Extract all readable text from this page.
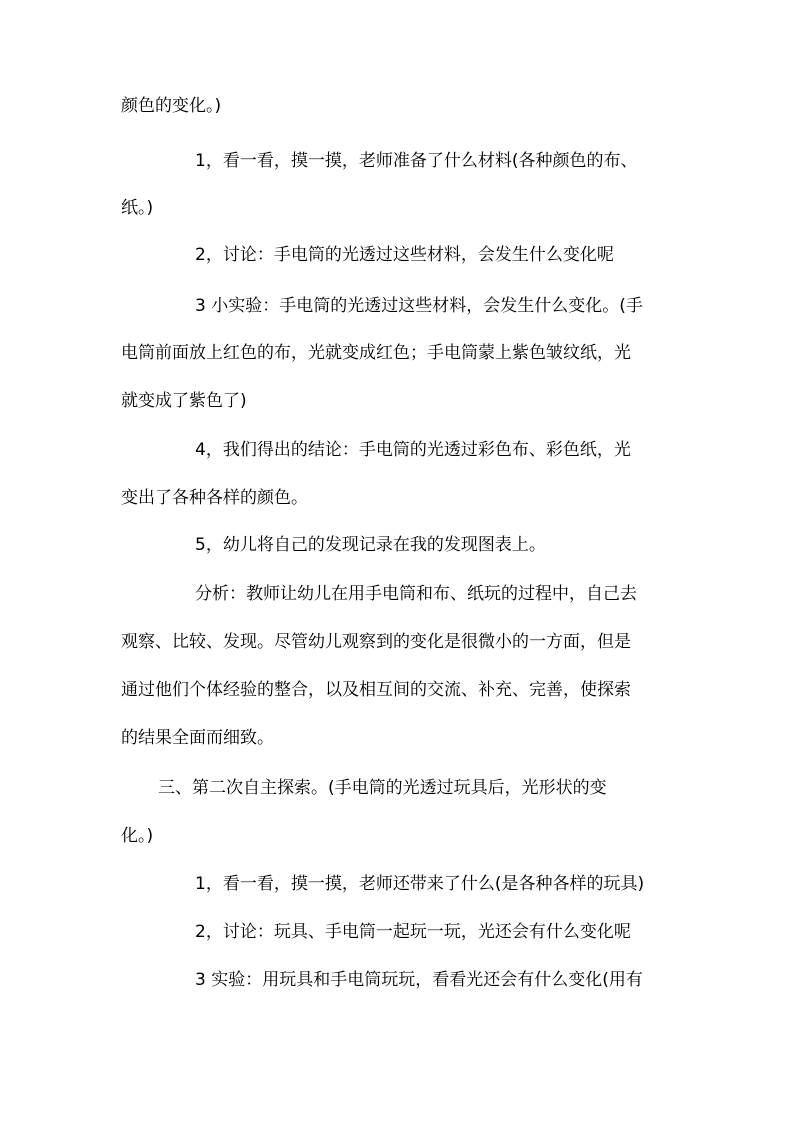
颜色的变化。)
1，看一看，摸一摸，老师准备了什么材料(各种颜色的布、
纸。)
2，讨论：手电筒的光透过这些材料，会发生什么变化呢
3 小实验：手电筒的光透过这些材料，会发生什么变化。(手
电筒前面放上红色的布，光就变成红色；手电筒蒙上紫色皱纹纸，光
就变成了紫色了)
4，我们得出的结论：手电筒的光透过彩色布、彩色纸，光
变出了各种各样的颜色。
5，幼儿将自己的发现记录在我的发现图表上。
分析：教师让幼儿在用手电筒和布、纸玩的过程中，自己去
观察、比较、发现。尽管幼儿观察到的变化是很微小的一方面，但是
通过他们个体经验的整合，以及相互间的交流、补充、完善，使探索
的结果全面而细致。
三、第二次自主探索。(手电筒的光透过玩具后，光形状的变
化。)
1，看一看，摸一摸，老师还带来了什么(是各种各样的玩具)
2，讨论：玩具、手电筒一起玩一玩，光还会有什么变化呢
3 实验：用玩具和手电筒玩玩，看看光还会有什么变化(用有
